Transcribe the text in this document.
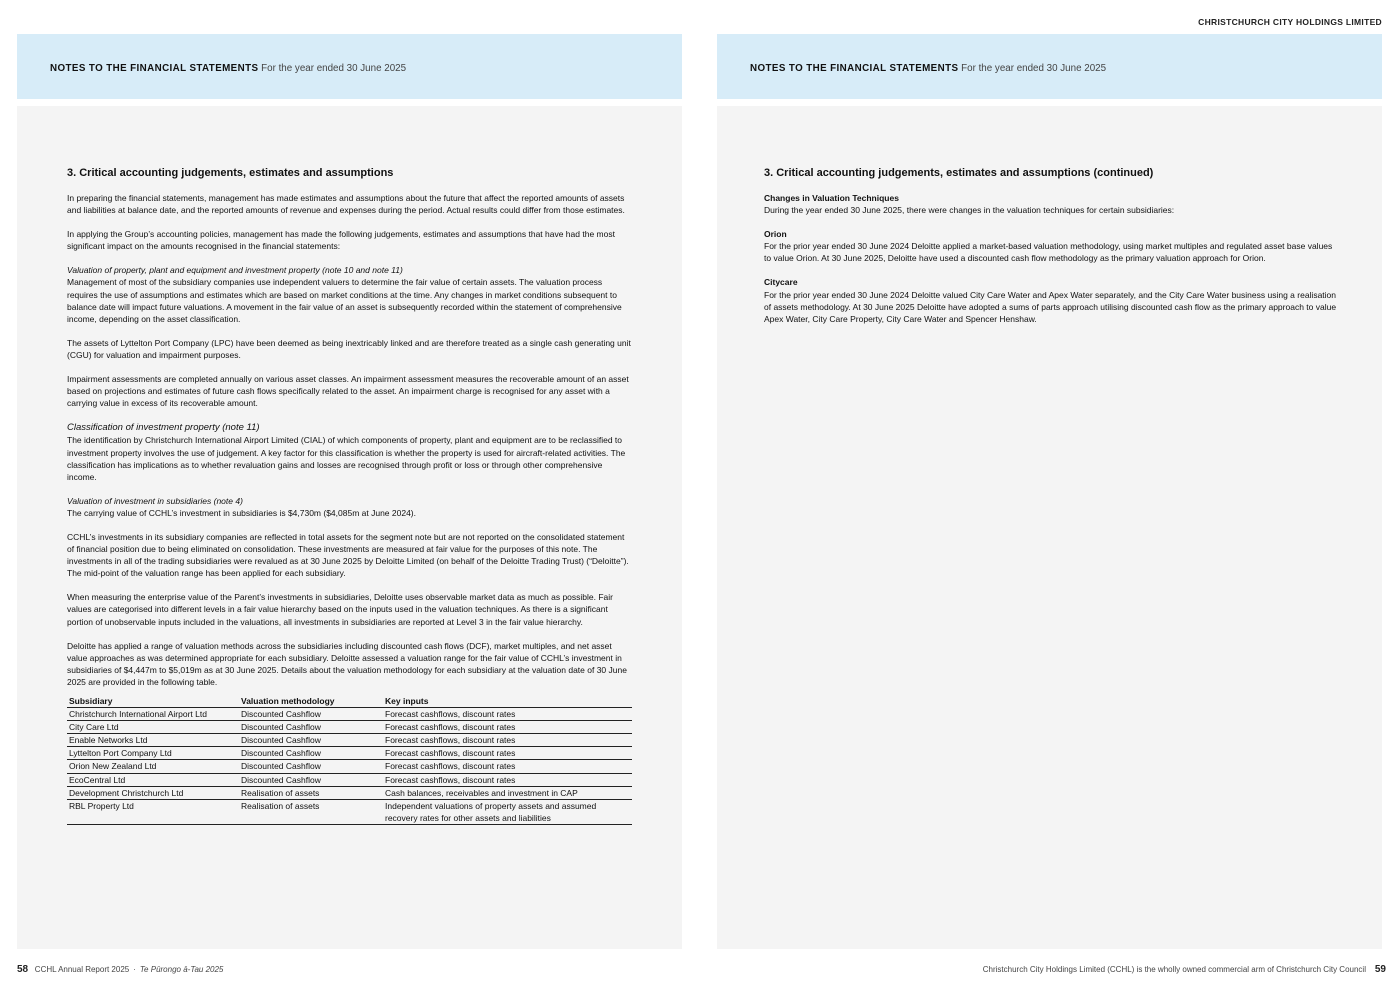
CHRISTCHURCH CITY HOLDINGS LIMITED
NOTES TO THE FINANCIAL STATEMENTS For the year ended 30 June 2025
3. Critical accounting judgements, estimates and assumptions

In preparing the financial statements, management has made estimates and assumptions about the future that affect the reported amounts of assets and liabilities at balance date, and the reported amounts of revenue and expenses during the period. Actual results could differ from those estimates.

In applying the Group’s accounting policies, management has made the following judgements, estimates and assumptions that have had the most significant impact on the amounts recognised in the financial statements:

Valuation of property, plant and equipment and investment property (note 10 and note 11)
Management of most of the subsidiary companies use independent valuers to determine the fair value of certain assets. The valuation process requires the use of assumptions and estimates which are based on market conditions at the time. Any changes in market conditions subsequent to balance date will impact future valuations. A movement in the fair value of an asset is subsequently recorded within the statement of comprehensive income, depending on the asset classification.

The assets of Lyttelton Port Company (LPC) have been deemed as being inextricably linked and are therefore treated as a single cash generating unit (CGU) for valuation and impairment purposes.

Impairment assessments are completed annually on various asset classes. An impairment assessment measures the recoverable amount of an asset based on projections and estimates of future cash flows specifically related to the asset. An impairment charge is recognised for any asset with a carrying value in excess of its recoverable amount.

Classification of investment property (note 11)
The identification by Christchurch International Airport Limited (CIAL) of which components of property, plant and equipment are to be reclassified to investment property involves the use of judgement. A key factor for this classification is whether the property is used for aircraft-related activities. The classification has implications as to whether revaluation gains and losses are recognised through profit or loss or through other comprehensive income.

Valuation of investment in subsidiaries (note 4)
The carrying value of CCHL’s investment in subsidiaries is $4,730m ($4,085m at June 2024).

CCHL’s investments in its subsidiary companies are reflected in total assets for the segment note but are not reported on the consolidated statement of financial position due to being eliminated on consolidation. These investments are measured at fair value for the purposes of this note. The investments in all of the trading subsidiaries were revalued as at 30 June 2025 by Deloitte Limited (on behalf of the Deloitte Trading Trust) (“Deloitte”). The mid-point of the valuation range has been applied for each subsidiary.

When measuring the enterprise value of the Parent’s investments in subsidiaries, Deloitte uses observable market data as much as possible. Fair values are categorised into different levels in a fair value hierarchy based on the inputs used in the valuation techniques. As there is a significant portion of unobservable inputs included in the valuations, all investments in subsidiaries are reported at Level 3 in the fair value hierarchy.

Deloitte has applied a range of valuation methods across the subsidiaries including discounted cash flows (DCF), market multiples, and net asset value approaches as was determined appropriate for each subsidiary. Deloitte assessed a valuation range for the fair value of CCHL’s investment in subsidiaries of $4,447m to $5,019m as at 30 June 2025. Details about the valuation methodology for each subsidiary at the valuation date of 30 June 2025 are provided in the following table.

Subsidiary	Valuation methodology	Key inputs
Christchurch International Airport Ltd	Discounted Cashflow	Forecast cashflows, discount rates
City Care Ltd	Discounted Cashflow	Forecast cashflows, discount rates
Enable Networks Ltd	Discounted Cashflow	Forecast cashflows, discount rates
Lyttelton Port Company Ltd	Discounted Cashflow	Forecast cashflows, discount rates
Orion New Zealand Ltd	Discounted Cashflow	Forecast cashflows, discount rates
EcoCentral Ltd	Discounted Cashflow	Forecast cashflows, discount rates
Development Christchurch Ltd	Realisation of assets	Cash balances, receivables and investment in CAP
RBL Property Ltd	Realisation of assets	Independent valuations of property assets and assumed recovery rates for other assets and liabilities
NOTES TO THE FINANCIAL STATEMENTS For the year ended 30 June 2025
3. Critical accounting judgements, estimates and assumptions (continued)

Changes in Valuation Techniques
During the year ended 30 June 2025, there were changes in the valuation techniques for certain subsidiaries:

Orion
For the prior year ended 30 June 2024 Deloitte applied a market-based valuation methodology, using market multiples and regulated asset base values to value Orion. At 30 June 2025, Deloitte have used a discounted cash flow methodology as the primary valuation approach for Orion.

Citycare
For the prior year ended 30 June 2024 Deloitte valued City Care Water and Apex Water separately, and the City Care Water business using a realisation of assets methodology. At 30 June 2025 Deloitte have adopted a sums of parts approach utilising discounted cash flow as the primary approach to value Apex Water, City Care Property, City Care Water and Spencer Henshaw.

58 CCHL Annual Report 2025 · Te Pūrongo ā-Tau 2025	Christchurch City Holdings Limited (CCHL) is the wholly owned commercial arm of Christchurch City Council 59
